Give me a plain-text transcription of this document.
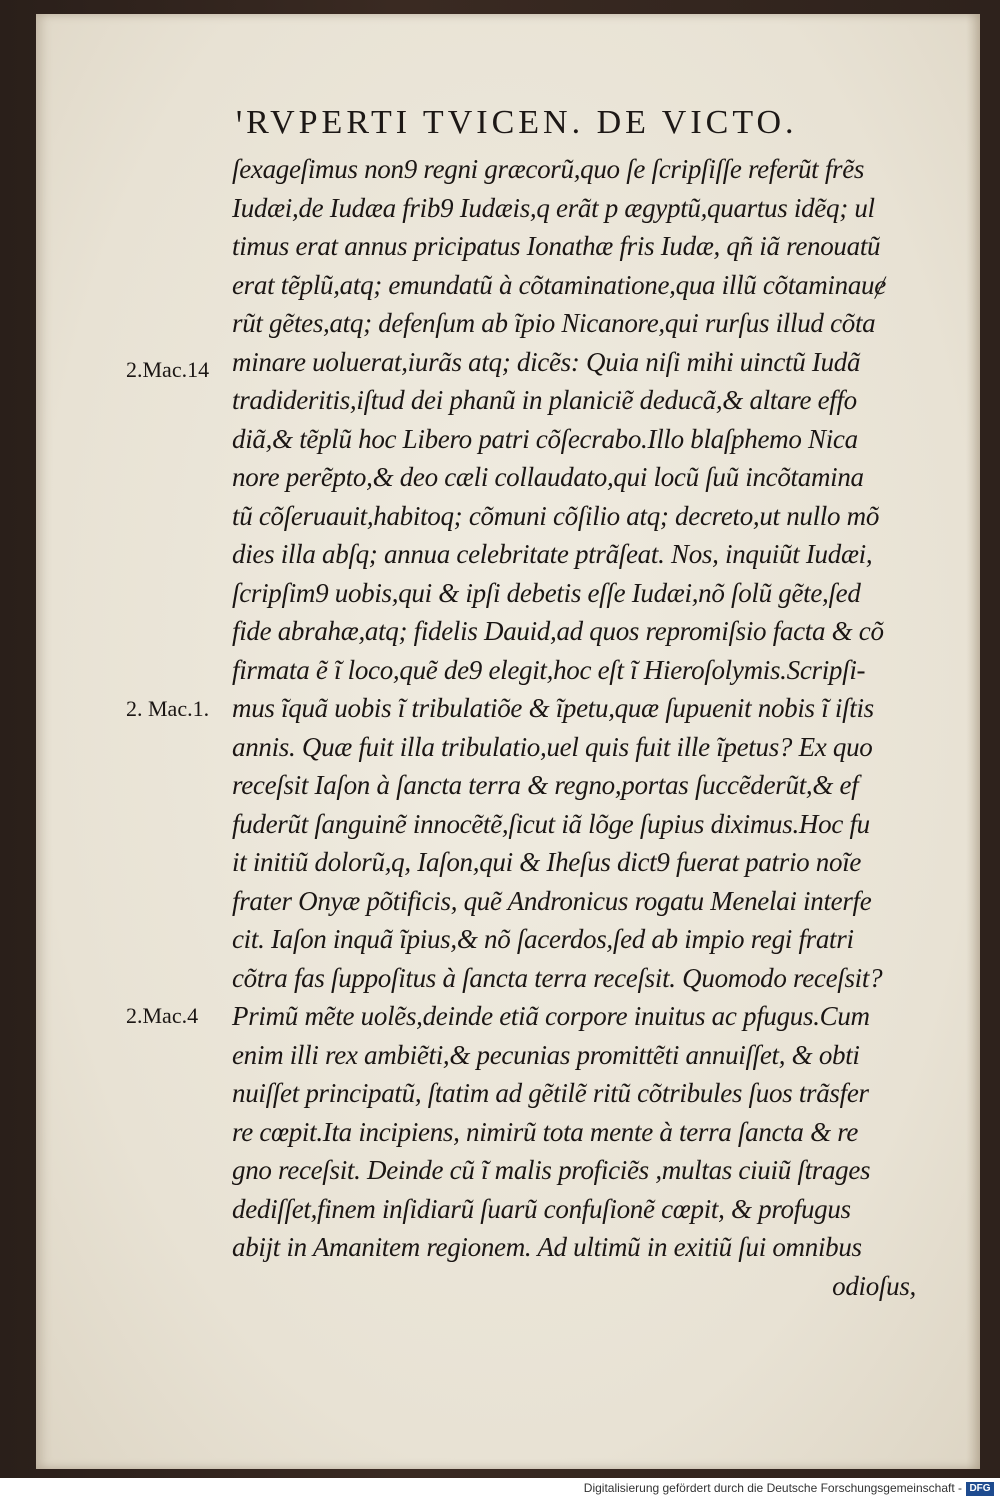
ꞌRVPERTI TVICEN. DE VICTO.
2.Mac.14
2. Mac.1.
2.Mac.4
ſexageſimus non9 regni græcorũ,quo ſe ſcripſiſſe referũt frẽs
Iudæi,de Iudæa frib9 Iudæis,q erãt p ægyptũ,quartus idẽq; ul
timus erat annus pricipatus Ionathæ fris Iudæ, qñ iã renouatũ
erat tẽplũ,atq; emundatũ à cõtaminatione,qua illũ cõtaminauɇ
rũt gẽtes,atq; defenſum ab ĩpio Nicanore,qui rurſus illud cõta
minare uoluerat,iurãs atq; dicẽs: Quia niſi mihi uinctũ Iudã
tradideritis,iſtud dei phanũ in planiciẽ deducã,& altare effo
diã,& tẽplũ hoc Libero patri cõſecrabo.Illo blaſphemo Nica
nore perẽpto,& deo cæli collaudato,qui locũ ſuũ incõtamina
tũ cõſeruauit,habitoq; cõmuni cõſilio atq; decreto,ut nullo mõ
dies illa abſq; annua celebritate ptrãſeat. Nos, inquiũt Iudæi,
ſcripſim9 uobis,qui & ipſi debetis eſſe Iudæi,nõ ſolũ gẽte,ſed
fide abrahæ,atq; fidelis Dauid,ad quos repromiſsio facta & cõ
firmata ẽ ĩ loco,quẽ de9 elegit,hoc eſt ĩ Hieroſolymis.Scripſi-
mus ĩquã uobis ĩ tribulatiõe & ĩpetu,quæ ſupuenit nobis ĩ iſtis
annis. Quæ fuit illa tribulatio,uel quis fuit ille ĩpetus? Ex quo
receſsit Iaſon à ſancta terra & regno,portas ſuccẽderũt,& ef
fuderũt ſanguinẽ innocẽtẽ,ſicut iã lõge ſupius diximus.Hoc fu
it initiũ dolorũ,q, Iaſon,qui & Ihеſus dict9 fuerat patrio noĩe
frater Onyæ põtificis, quẽ Andronicus rogatu Menelai interfe
cit. Iaſon inquã ĩpius,& nõ ſacerdos,ſed ab impio regi fratri
cõtra fas ſuppoſitus à ſancta terra receſsit. Quomodo receſsit?
Primũ mẽte uolẽs,deinde etiã corpore inuitus ac pfugus.Cum
enim illi rex ambiẽti,& pecunias promittẽti annuiſſet, & obti
nuiſſet principatũ, ſtatim ad gẽtilẽ ritũ cõtribules ſuos trãsfer
re cœpit.Ita incipiens, nimirũ tota mente à terra ſancta & re
gno receſsit. Deinde cũ ĩ malis proficiẽs ,multas ciuiũ ſtrages
dediſſet,finem inſidiarũ ſuarũ confuſionẽ cœpit, & profugus
abijt in Amanitem regionem. Ad ultimũ in exitiũ ſui omnibus
odioſus,
Digitalisierung gefördert durch die Deutsche Forschungsgemeinschaft - DFG
